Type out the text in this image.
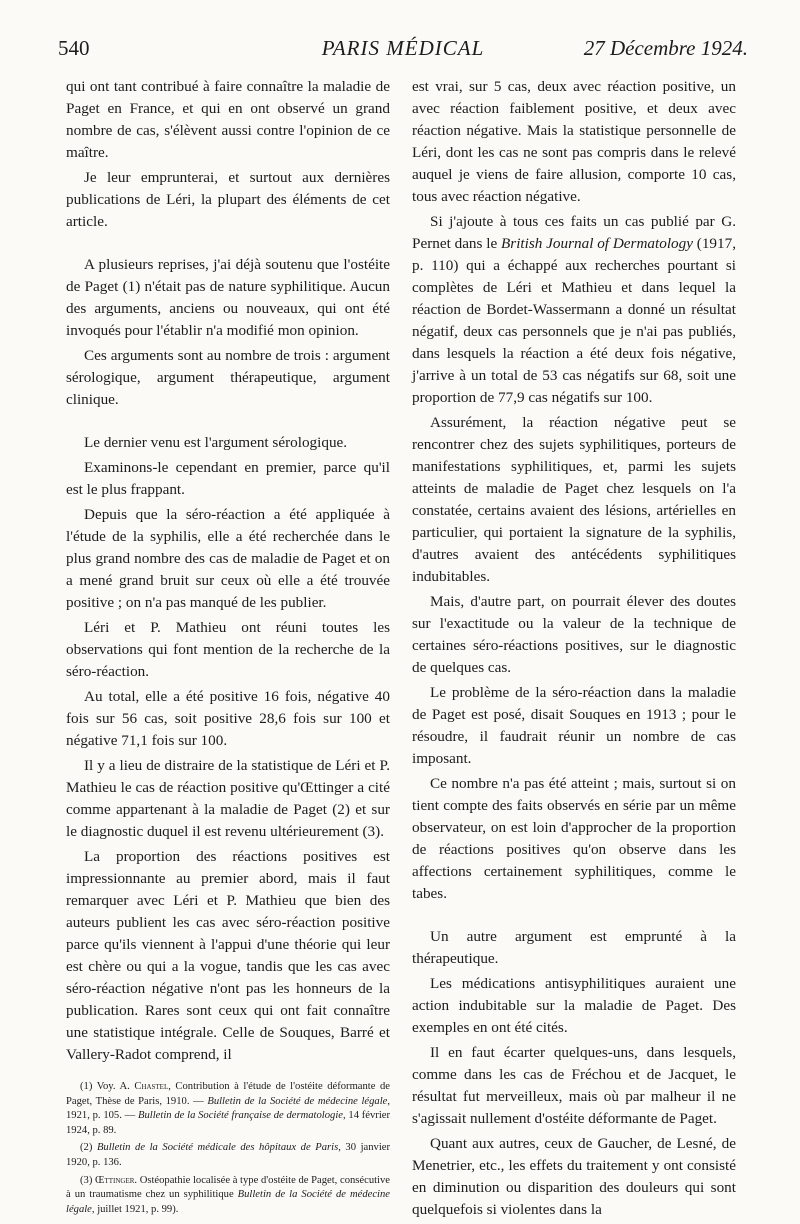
540	PARIS MÉDICAL	27 Décembre 1924.

qui ont tant contribué à faire connaître la maladie de Paget en France, et qui en ont observé un grand nombre de cas, s'élèvent aussi contre l'opinion de ce maître.

Je leur emprunterai, et surtout aux dernières publications de Léri, la plupart des éléments de cet article.

A plusieurs reprises, j'ai déjà soutenu que l'ostéite de Paget (1) n'était pas de nature syphilitique. Aucun des arguments, anciens ou nouveaux, qui ont été invoqués pour l'établir n'a modifié mon opinion.

Ces arguments sont au nombre de trois : argument sérologique, argument thérapeutique, argument clinique.

Le dernier venu est l'argument sérologique.

Examinons-le cependant en premier, parce qu'il est le plus frappant.

Depuis que la séro-réaction a été appliquée à l'étude de la syphilis, elle a été recherchée dans le plus grand nombre des cas de maladie de Paget et on a mené grand bruit sur ceux où elle a été trouvée positive ; on n'a pas manqué de les publier.

Léri et P. Mathieu ont réuni toutes les observations qui font mention de la recherche de la séro-réaction.

Au total, elle a été positive 16 fois, négative 40 fois sur 56 cas, soit positive 28,6 fois sur 100 et négative 71,1 fois sur 100.

Il y a lieu de distraire de la statistique de Léri et P. Mathieu le cas de réaction positive qu'Œttinger a cité comme appartenant à la maladie de Paget (2) et sur le diagnostic duquel il est revenu ultérieurement (3).

La proportion des réactions positives est impressionnante au premier abord, mais il faut remarquer avec Léri et P. Mathieu que bien des auteurs publient les cas avec séro-réaction positive parce qu'ils viennent à l'appui d'une théorie qui leur est chère ou qui a la vogue, tandis que les cas avec séro-réaction négative n'ont pas les honneurs de la publication. Rares sont ceux qui ont fait connaître une statistique intégrale. Celle de Souques, Barré et Vallery-Radot comprend, il

(1) Voy. A. Chastel, Contribution à l'étude de l'ostéite déformante de Paget, Thèse de Paris, 1910. — Bulletin de la Société de médecine légale, 1921, p. 105. — Bulletin de la Société française de dermatologie, 14 février 1924, p. 89.

(2) Bulletin de la Société médicale des hôpitaux de Paris, 30 janvier 1920, p. 136.

(3) Œttinger. Ostéopathie localisée à type d'ostéite de Paget, consécutive à un traumatisme chez un syphilitique Bulletin de la Société de médecine légale, juillet 1921, p. 99).

est vrai, sur 5 cas, deux avec réaction positive, un avec réaction faiblement positive, et deux avec réaction négative. Mais la statistique personnelle de Léri, dont les cas ne sont pas compris dans le relevé auquel je viens de faire allusion, comporte 10 cas, tous avec réaction négative.

Si j'ajoute à tous ces faits un cas publié par G. Pernet dans le British Journal of Dermatology (1917, p. 110) qui a échappé aux recherches pourtant si complètes de Léri et Mathieu et dans lequel la réaction de Bordet-Wassermann a donné un résultat négatif, deux cas personnels que je n'ai pas publiés, dans lesquels la réaction a été deux fois négative, j'arrive à un total de 53 cas négatifs sur 68, soit une proportion de 77,9 cas négatifs sur 100.

Assurément, la réaction négative peut se rencontrer chez des sujets syphilitiques, porteurs de manifestations syphilitiques, et, parmi les sujets atteints de maladie de Paget chez lesquels on l'a constatée, certains avaient des lésions, artérielles en particulier, qui portaient la signature de la syphilis, d'autres avaient des antécédents syphilitiques indubitables.

Mais, d'autre part, on pourrait élever des doutes sur l'exactitude ou la valeur de la technique de certaines séro-réactions positives, sur le diagnostic de quelques cas.

Le problème de la séro-réaction dans la maladie de Paget est posé, disait Souques en 1913 ; pour le résoudre, il faudrait réunir un nombre de cas imposant.

Ce nombre n'a pas été atteint ; mais, surtout si on tient compte des faits observés en série par un même observateur, on est loin d'approcher de la proportion de réactions positives qu'on observe dans les affections certainement syphilitiques, comme le tabes.

Un autre argument est emprunté à la thérapeutique.

Les médications antisyphilitiques auraient une action indubitable sur la maladie de Paget. Des exemples en ont été cités.

Il en faut écarter quelques-uns, dans lesquels, comme dans les cas de Fréchou et de Jacquet, le résultat fut merveilleux, mais où par malheur il ne s'agissait nullement d'ostéite déformante de Paget.

Quant aux autres, ceux de Gaucher, de Lesné, de Menetrier, etc., les effets du traitement y ont consisté en diminution ou disparition des douleurs qui sont quelquefois si violentes dans la
